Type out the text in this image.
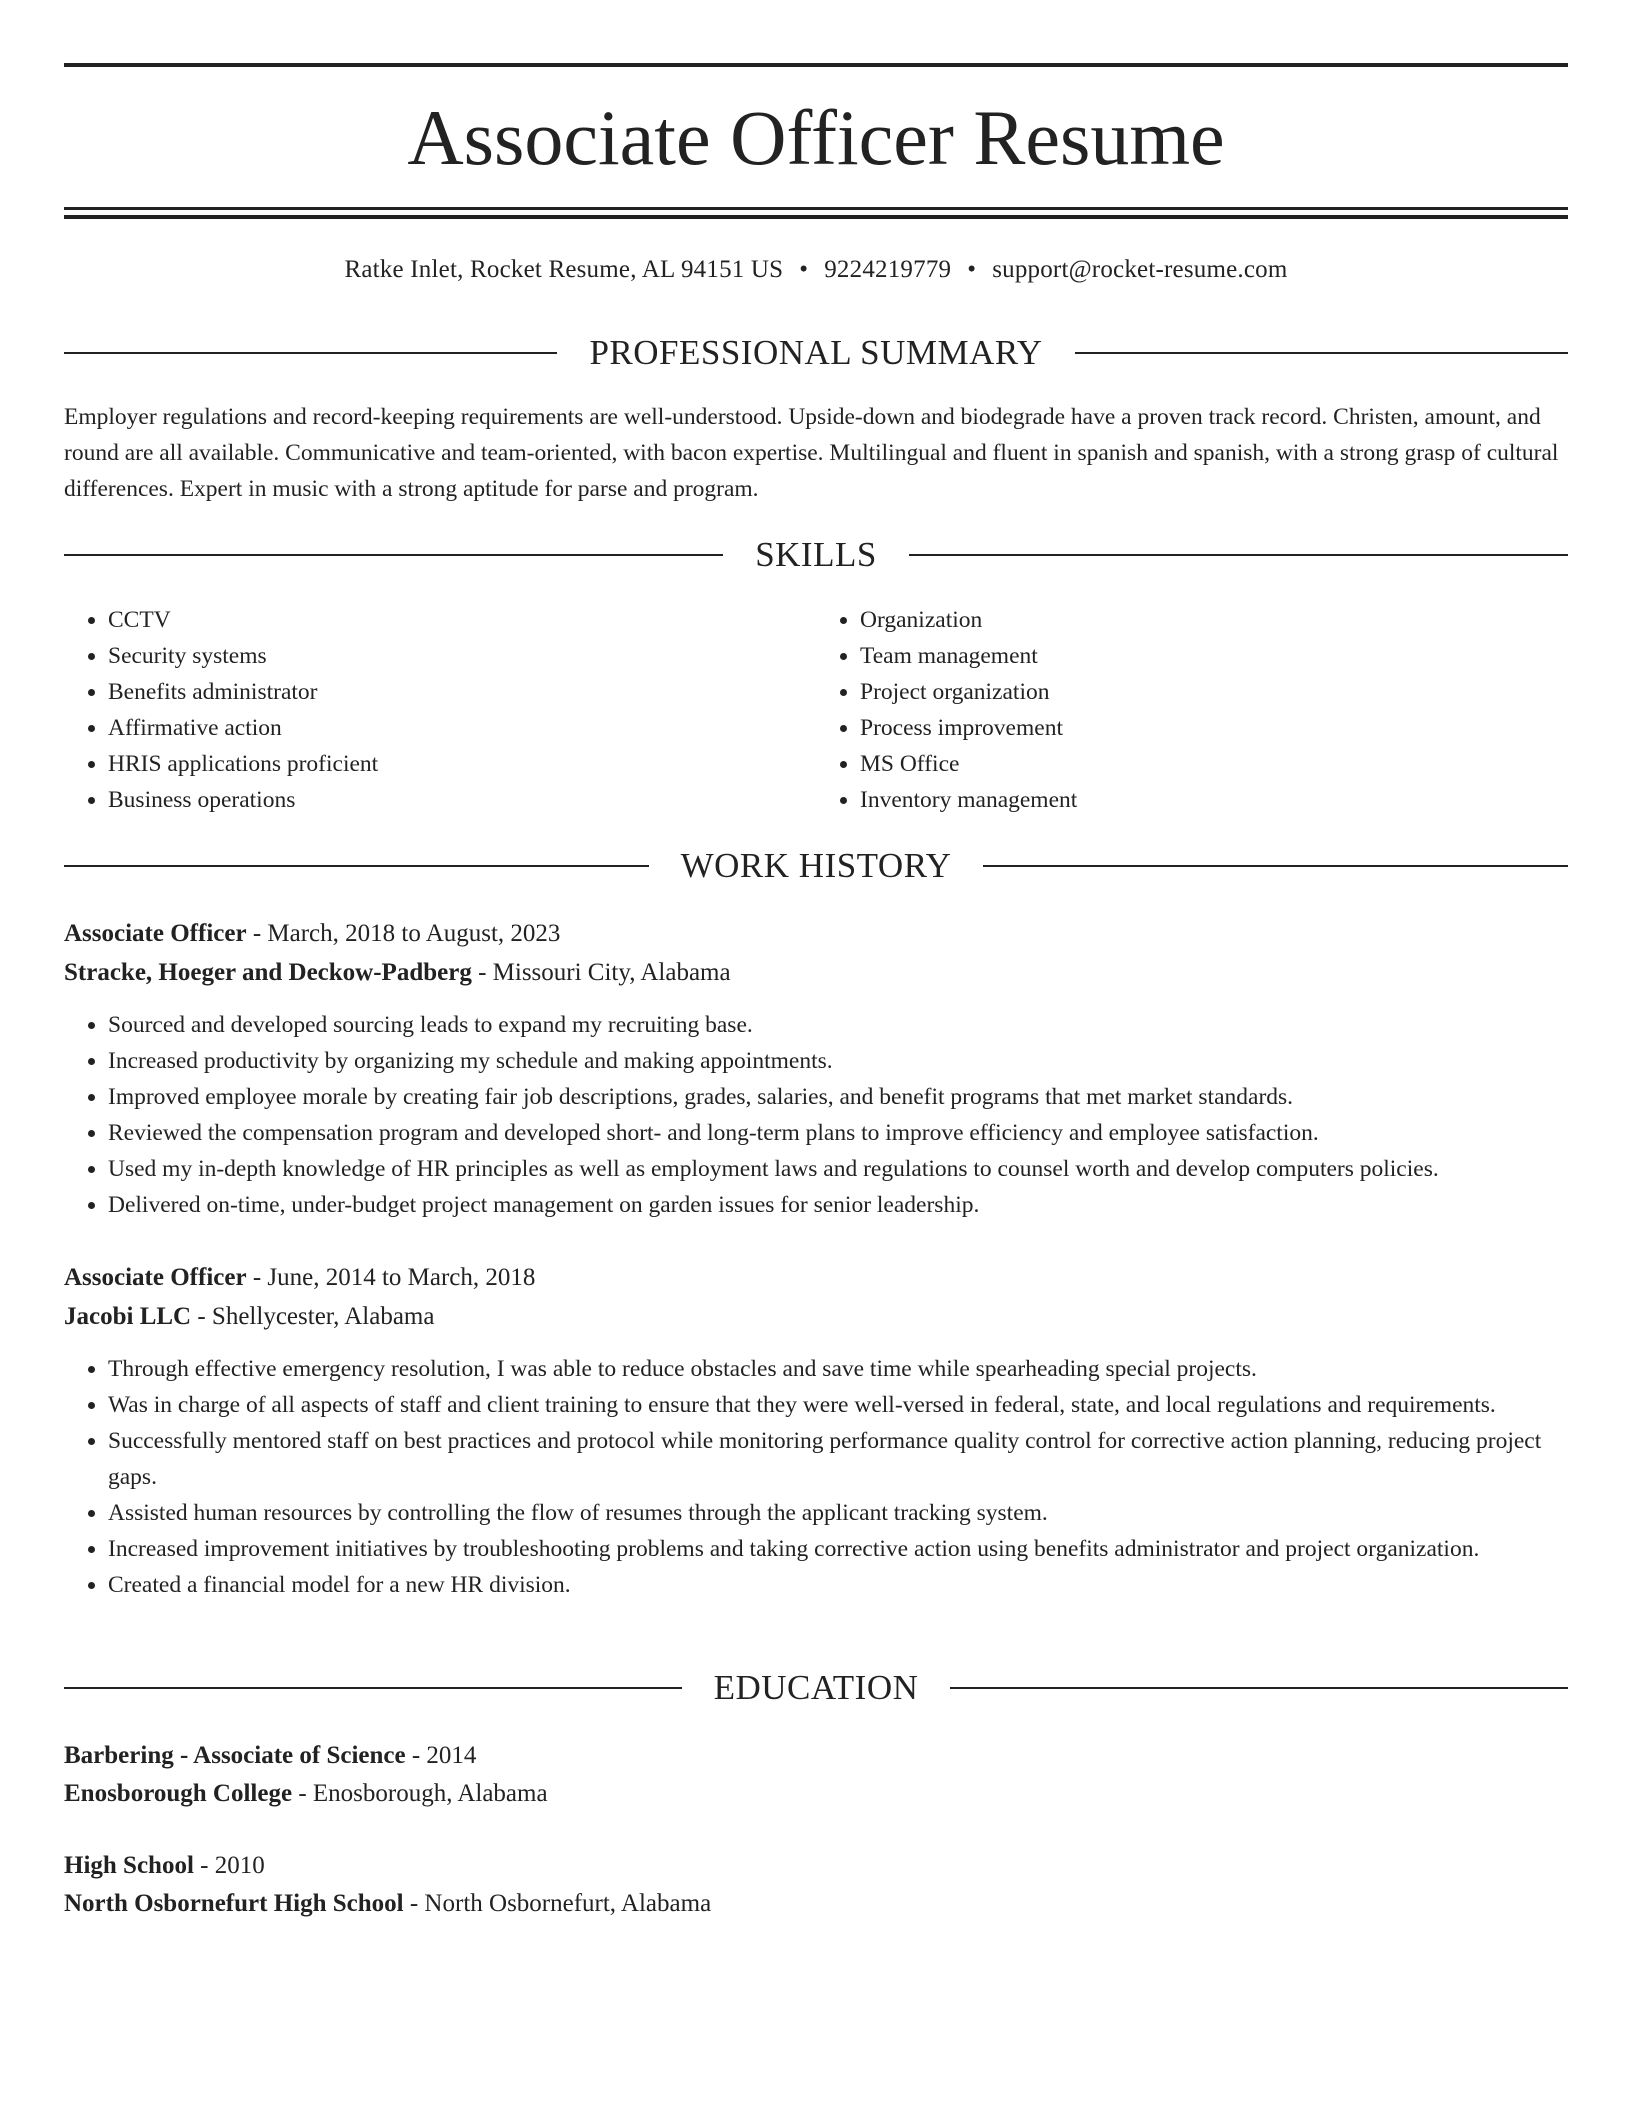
Associate Officer Resume
Ratke Inlet, Rocket Resume, AL 94151 US • 9224219779 • support@rocket-resume.com
PROFESSIONAL SUMMARY

Employer regulations and record-keeping requirements are well-understood. Upside-down and biodegrade have a proven track record. Christen, amount, and round are all available. Communicative and team-oriented, with bacon expertise. Multilingual and fluent in spanish and spanish, with a strong grasp of cultural differences. Expert in music with a strong aptitude for parse and program.

SKILLS
• CCTV
• Security systems
• Benefits administrator
• Affirmative action
• HRIS applications proficient
• Business operations
• Organization
• Team management
• Project organization
• Process improvement
• MS Office
• Inventory management
WORK HISTORY
Associate Officer - March, 2018 to August, 2023
Stracke, Hoeger and Deckow-Padberg - Missouri City, Alabama
• Sourced and developed sourcing leads to expand my recruiting base.
• Increased productivity by organizing my schedule and making appointments.
• Improved employee morale by creating fair job descriptions, grades, salaries, and benefit programs that met market standards.
• Reviewed the compensation program and developed short- and long-term plans to improve efficiency and employee satisfaction.
• Used my in-depth knowledge of HR principles as well as employment laws and regulations to counsel worth and develop computers policies.
• Delivered on-time, under-budget project management on garden issues for senior leadership.
Associate Officer - June, 2014 to March, 2018
Jacobi LLC - Shellycester, Alabama
• Through effective emergency resolution, I was able to reduce obstacles and save time while spearheading special projects.
• Was in charge of all aspects of staff and client training to ensure that they were well-versed in federal, state, and local regulations and requirements.
• Successfully mentored staff on best practices and protocol while monitoring performance quality control for corrective action planning, reducing project gaps.
• Assisted human resources by controlling the flow of resumes through the applicant tracking system.
• Increased improvement initiatives by troubleshooting problems and taking corrective action using benefits administrator and project organization.
• Created a financial model for a new HR division.
EDUCATION
Barbering - Associate of Science - 2014
Enosborough College - Enosborough, Alabama
High School - 2010
North Osbornefurt High School - North Osbornefurt, Alabama
